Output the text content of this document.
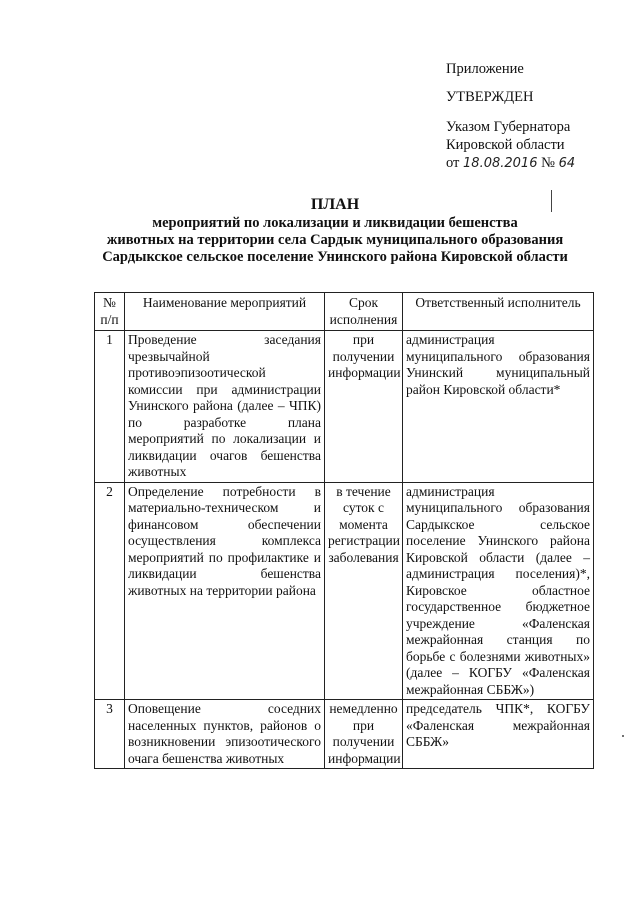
Приложение
УТВЕРЖДЕН
Указом Губернатора
Кировской области
от 18.08.2016 № 64
ПЛАН
мероприятий по локализации и ликвидации бешенства
животных на территории села Сардык муниципального образования
Сардыкское сельское поселение Унинского района Кировской области
№ п/п	Наименование мероприятий	Срок исполнения	Ответственный исполнитель
1	Проведение заседания чрезвычайной противоэпизоотической комиссии при администрации Унинского района (далее – ЧПК) по разработке плана мероприятий по локализации и ликвидации очагов бешенства животных	при получении информации	администрация муниципального образования Унинский муниципальный район Кировской области*
2	Определение потребности в материально-техническом и финансовом обеспечении осуществления комплекса мероприятий по профилактике и ликвидации бешенства животных на территории района	в течение суток с момента регистрации заболевания	администрация муниципального образования Сардыкское сельское поселение Унинского района Кировской области (далее – администрация поселения)*, Кировское областное государственное бюджетное учреждение «Фаленская межрайонная станция по борьбе с болезнями животных» (далее – КОГБУ «Фаленская межрайонная СББЖ»)
3	Оповещение соседних населенных пунктов, районов о возникновении эпизоотического очага бешенства животных	немедленно при получении информации	председатель ЧПК*, КОГБУ «Фаленская межрайонная СББЖ»
